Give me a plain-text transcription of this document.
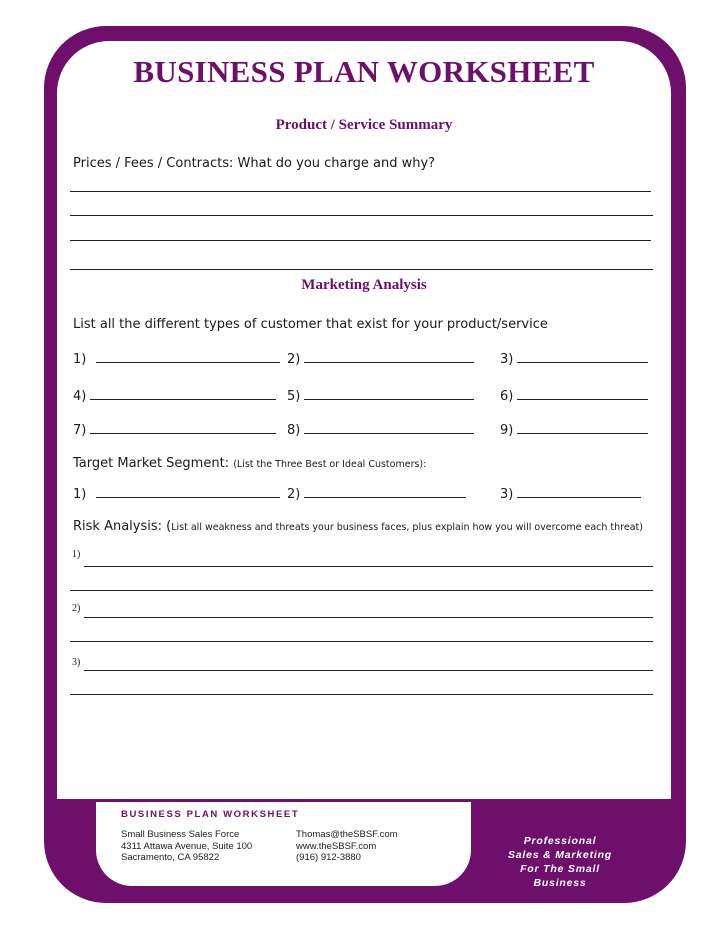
BUSINESS PLAN WORKSHEET
Product / Service Summary
Prices / Fees / Contracts: What do you charge and why?
Marketing Analysis
List all the different types of customer that exist for your product/service
1)	2)	3)
4)	5)	6)
7)	8)	9)
Target Market Segment: (List the Three Best or Ideal Customers):
1)	2)	3)
Risk Analysis: (List all weakness and threats your business faces, plus explain how you will overcome each threat)
1)
2)
3)
BUSINESS PLAN WORKSHEET
Small Business Sales Force
4311 Attawa Avenue, Suite 100
Sacramento, CA 95822
Thomas@theSBSF.com
www.theSBSF.com
(916) 912-3880
Professional
Sales & Marketing
For The Small Business
